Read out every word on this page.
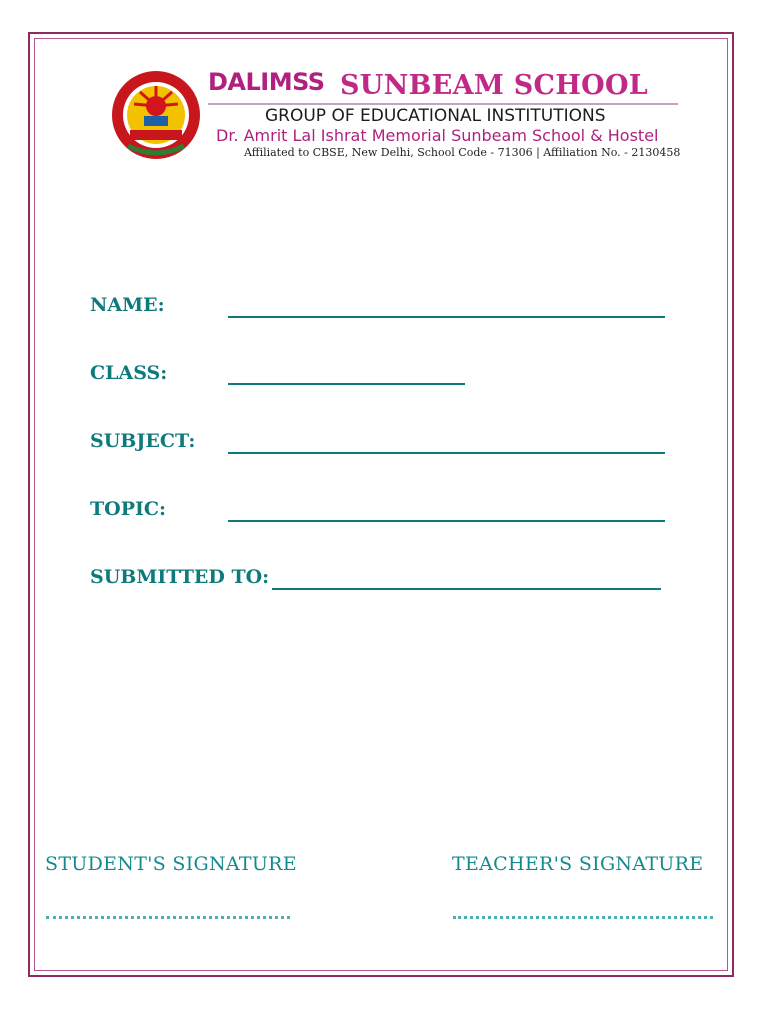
DALIMSS SUNBEAM SCHOOL
GROUP OF EDUCATIONAL INSTITUTIONS
Dr. Amrit Lal Ishrat Memorial Sunbeam School & Hostel
Affiliated to CBSE, New Delhi, School Code - 71306 | Affiliation No. - 2130458
NAME:
CLASS:
SUBJECT:
TOPIC:
SUBMITTED TO:
STUDENT'S SIGNATURE	TEACHER'S SIGNATURE
